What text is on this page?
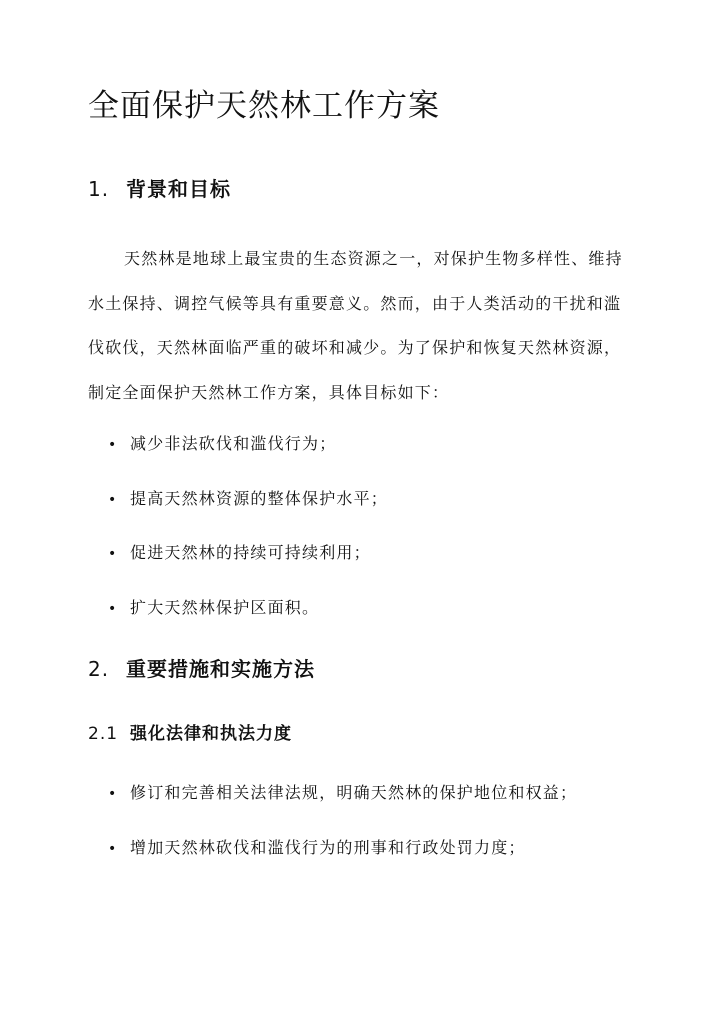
全面保护天然林工作方案
1. 背景和目标

天然林是地球上最宝贵的生态资源之一，对保护生物多样性、维持水土保持、调控气候等具有重要意义。然而，由于人类活动的干扰和滥伐砍伐，天然林面临严重的破坏和减少。为了保护和恢复天然林资源，制定全面保护天然林工作方案，具体目标如下：

• 减少非法砍伐和滥伐行为；
• 提高天然林资源的整体保护水平；
• 促进天然林的持续可持续利用；
• 扩大天然林保护区面积。
2. 重要措施和实施方法
2.1 强化法律和执法力度
• 修订和完善相关法律法规，明确天然林的保护地位和权益；
• 增加天然林砍伐和滥伐行为的刑事和行政处罚力度；
